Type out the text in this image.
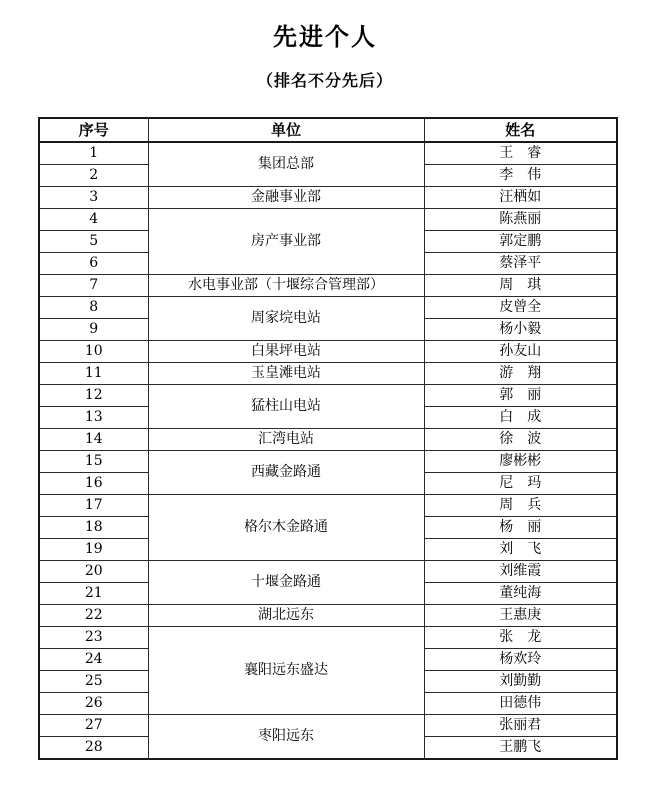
先进个人
（排名不分先后）
序号	单位	姓名
1	集团总部	王　睿
2		李　伟
3	金融事业部	汪栖如
4	房产事业部	陈燕丽
5		郭定鹏
6		蔡泽平
7	水电事业部（十堰综合管理部）	周　琪
8	周家垸电站	皮曾全
9		杨小毅
10	白果坪电站	孙友山
11	玉皇滩电站	游　翔
12	猛柱山电站	郭　丽
13		白　成
14	汇湾电站	徐　波
15	西藏金路通	廖彬彬
16		尼　玛
17	格尔木金路通	周　兵
18		杨　丽
19		刘　飞
20	十堰金路通	刘维霞
21		董纯海
22	湖北远东	王惠庚
23	襄阳远东盛达	张　龙
24		杨欢玲
25		刘勤勤
26		田德伟
27	枣阳远东	张丽君
28		王鹏飞
